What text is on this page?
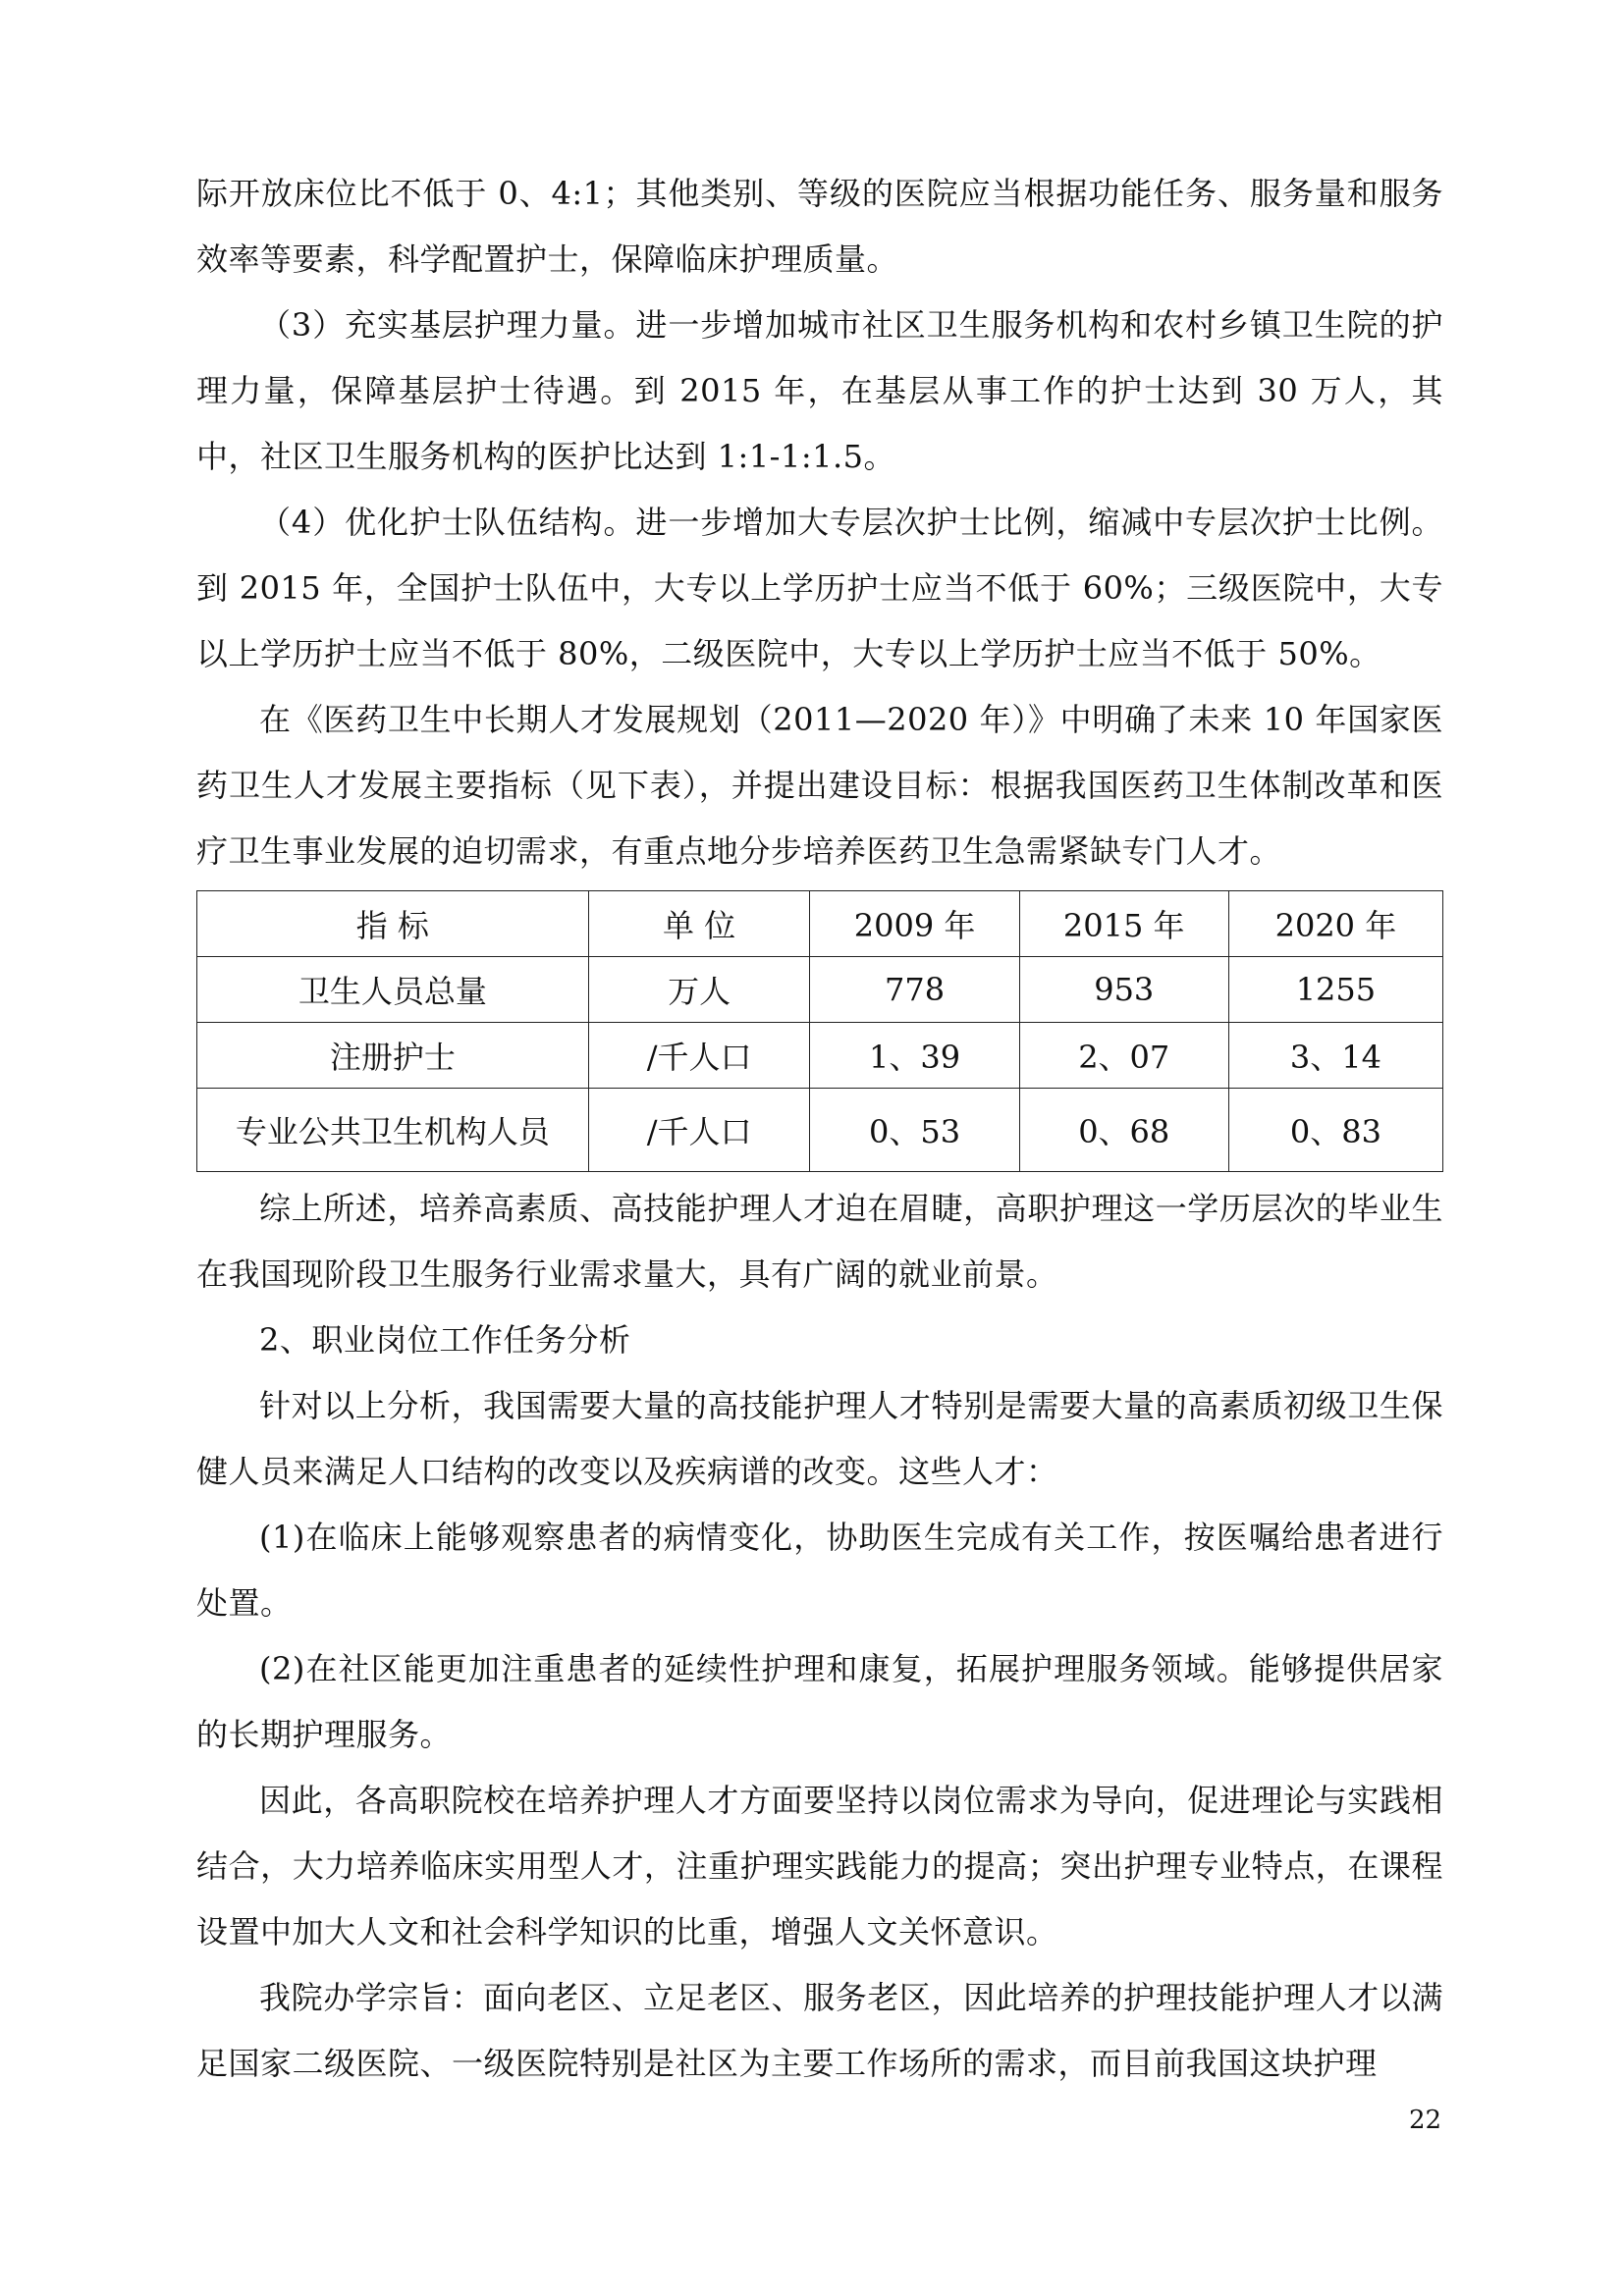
际开放床位比不低于 0、4:1；其他类别、等级的医院应当根据功能任务、服务量和服务效率等要素，科学配置护士，保障临床护理质量。

（3）充实基层护理力量。进一步增加城市社区卫生服务机构和农村乡镇卫生院的护理力量，保障基层护士待遇。到 2015 年，在基层从事工作的护士达到 30 万人，其中，社区卫生服务机构的医护比达到 1:1-1:1.5。

（4）优化护士队伍结构。进一步增加大专层次护士比例，缩减中专层次护士比例。到 2015 年，全国护士队伍中，大专以上学历护士应当不低于 60%；三级医院中，大专以上学历护士应当不低于 80%，二级医院中，大专以上学历护士应当不低于 50%。

在《医药卫生中长期人才发展规划（2011—2020 年）》中明确了未来 10 年国家医药卫生人才发展主要指标（见下表），并提出建设目标：根据我国医药卫生体制改革和医疗卫生事业发展的迫切需求，有重点地分步培养医药卫生急需紧缺专门人才。

指 标	单 位	2009 年	2015 年	2020 年
卫生人员总量	万人	778	953	1255
注册护士	/千人口	1、39	2、07	3、14
专业公共卫生机构人员	/千人口	0、53	0、68	0、83

综上所述，培养高素质、高技能护理人才迫在眉睫，高职护理这一学历层次的毕业生在我国现阶段卫生服务行业需求量大，具有广阔的就业前景。

2、职业岗位工作任务分析

针对以上分析，我国需要大量的高技能护理人才特别是需要大量的高素质初级卫生保健人员来满足人口结构的改变以及疾病谱的改变。这些人才：

(1)在临床上能够观察患者的病情变化，协助医生完成有关工作，按医嘱给患者进行处置。

(2)在社区能更加注重患者的延续性护理和康复，拓展护理服务领域。能够提供居家的长期护理服务。

因此，各高职院校在培养护理人才方面要坚持以岗位需求为导向，促进理论与实践相结合，大力培养临床实用型人才，注重护理实践能力的提高；突出护理专业特点，在课程设置中加大人文和社会科学知识的比重，增强人文关怀意识。

我院办学宗旨：面向老区、立足老区、服务老区，因此培养的护理技能护理人才以满足国家二级医院、一级医院特别是社区为主要工作场所的需求，而目前我国这块护理

22
